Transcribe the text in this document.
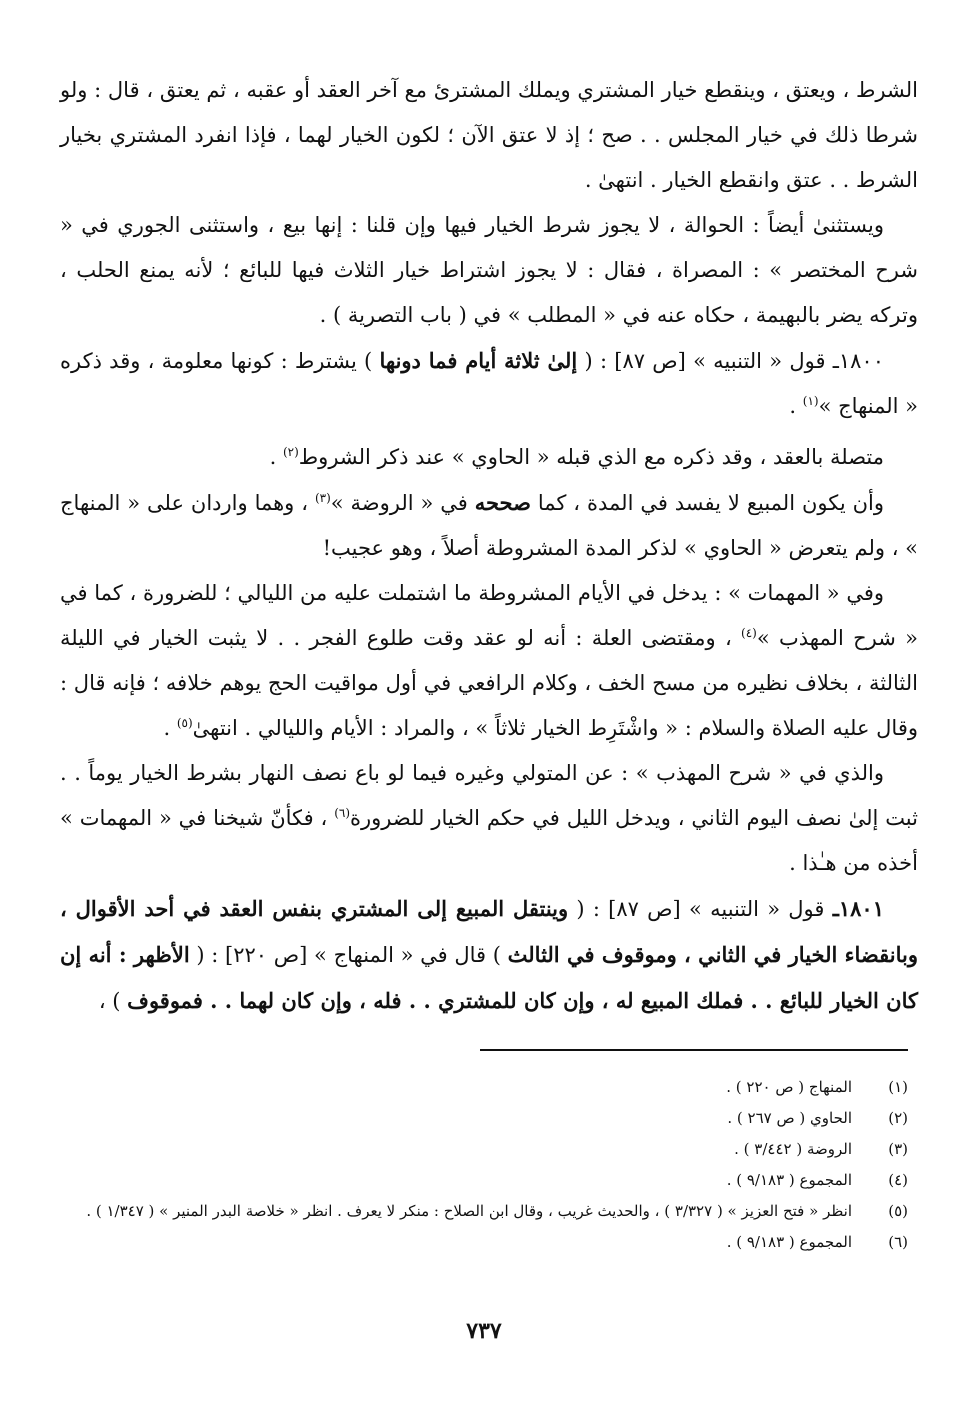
الشرط ، ويعتق ، وينقطع خيار المشتري ويملك المشترئ مع آخر العقد أو عقبه ، ثم يعتق ، قال : ولو شرطا ذلك في خيار المجلس . . صح ؛ إذ لا عتق الآن ؛ لكون الخيار لهما ، فإذا انفرد المشتري بخيار الشرط . . عتق وانقطع الخيار . انتهىٰ .

ويستثنىٰ أيضاً : الحوالة ، لا يجوز شرط الخيار فيها وإن قلنا : إنها بيع ، واستثنى الجوري في « شرح المختصر » : المصراة ، فقال : لا يجوز اشتراط خيار الثلاث فيها للبائع ؛ لأنه يمنع الحلب ، وتركه يضر بالبهيمة ، حكاه عنه في « المطلب » في ( باب التصرية ) .

١٨٠٠ـ قول « التنبيه » [ص ٨٧] : ( إلىٰ ثلاثة أيام فما دونها ) يشترط : كونها معلومة ، وقد ذكره « المنهاج »$^{(١)}$ .

متصلة بالعقد ، وقد ذكره مع الذي قبله « الحاوي » عند ذكر الشروط$^{(٢)}$ .

وأن يكون المبيع لا يفسد في المدة ، كما صححه في « الروضة »$^{(٣)}$ ، وهما واردان على « المنهاج » ، ولم يتعرض « الحاوي » لذكر المدة المشروطة أصلاً ، وهو عجيب!

وفي « المهمات » : يدخل في الأيام المشروطة ما اشتملت عليه من الليالي ؛ للضرورة ، كما في « شرح المهذب »$^{(٤)}$ ، ومقتضى العلة : أنه لو عقد وقت طلوع الفجر . . لا يثبت الخيار في الليلة الثالثة ، بخلاف نظيره من مسح الخف ، وكلام الرافعي في أول مواقيت الحج يوهم خلافه ؛ فإنه قال : وقال عليه الصلاة والسلام : « واشْتَرِط الخيار ثلاثاً » ، والمراد : الأيام والليالي . انتهىٰ$^{(٥)}$ .

والذي في « شرح المهذب » : عن المتولي وغيره فيما لو باع نصف النهار بشرط الخيار يوماً . . ثبت إلىٰ نصف اليوم الثاني ، ويدخل الليل في حكم الخيار للضرورة$^{(٦)}$ ، فكأنّ شيخنا في « المهمات » أخذه من هـٰذا .

١٨٠١ـ قول « التنبيه » [ص ٨٧] : ( وينتقل المبيع إلى المشتري بنفس العقد في أحد الأقوال ، وبانقضاء الخيار في الثاني ، وموقوف في الثالث ) قال في « المنهاج » [ص ٢٢٠] : ( الأظهر : أنه إن كان الخيار للبائع . . فملك المبيع له ، وإن كان للمشتري . . فله ، وإن كان لهما . . فموقوف ) ،

(١)
المنهاج ( ص ٢٢٠ ) .
(٢)
الحاوي ( ص ٢٦٧ ) .
(٣)
الروضة ( ٣/٤٤٢ ) .
(٤)
المجموع ( ٩/١٨٣ ) .
(٥)
انظر « فتح العزيز » ( ٣/٣٢٧ ) ، والحديث غريب ، وقال ابن الصلاح : منكر لا يعرف . انظر « خلاصة البدر المنير » ( ١/٣٤٧ ) .
(٦)
المجموع ( ٩/١٨٣ ) .
٧٣٧
